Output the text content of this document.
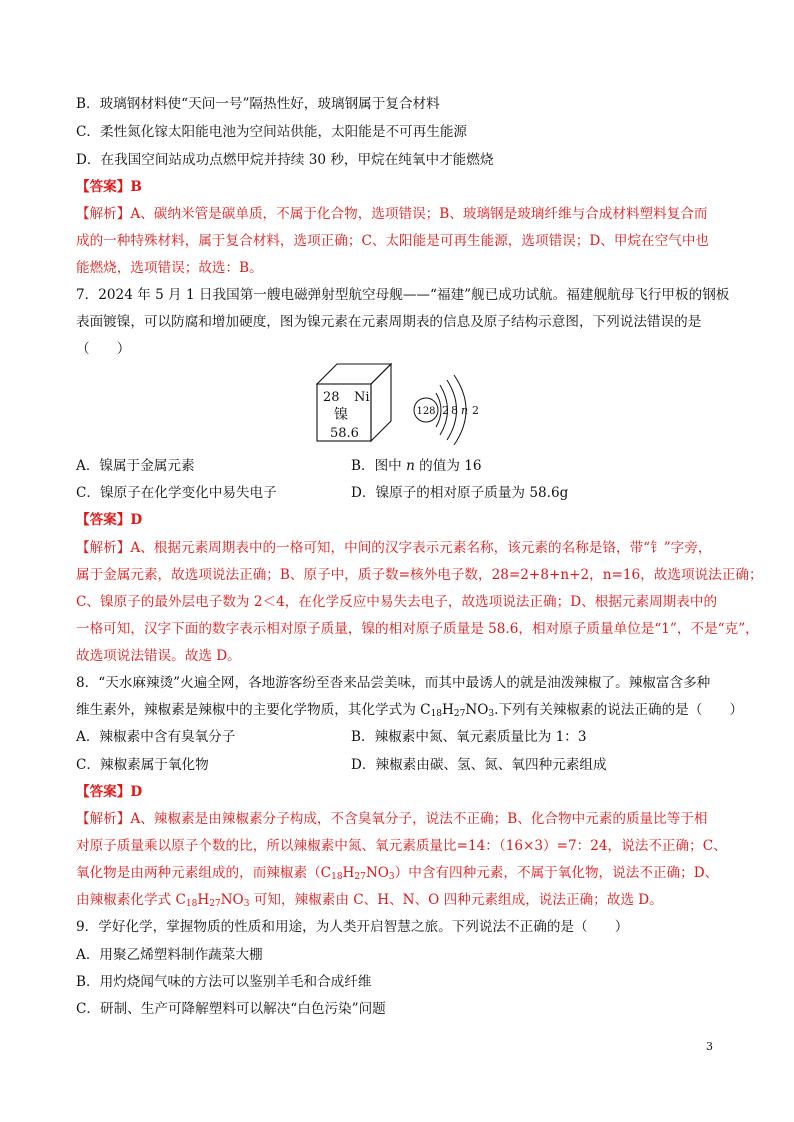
B．玻璃钢材料使“天问一号”隔热性好，玻璃钢属于复合材料
C．柔性氮化镓太阳能电池为空间站供能，太阳能是不可再生能源
D．在我国空间站成功点燃甲烷并持续 30 秒，甲烷在纯氧中才能燃烧
【答案】B
【解析】A、碳纳米管是碳单质，不属于化合物，选项错误；B、玻璃钢是玻璃纤维与合成材料塑料复合而
成的一种特殊材料，属于复合材料，选项正确；C、太阳能是可再生能源，选项错误；D、甲烷在空气中也
能燃烧，选项错误；故选：B。
7．2024 年 5 月 1 日我国第一艘电磁弹射型航空母舰——“福建”舰已成功试航。福建舰航母飞行甲板的钢板
表面镀镍，可以防腐和增加硬度，图为镍元素在元素周期表的信息及原子结构示意图，下列说法错误的是
（　　）
28 Ni
镍
58.6
128 2 8 n 2
A．镍属于金属元素	B．图中 n 的值为 16
C．镍原子在化学变化中易失电子	D．镍原子的相对原子质量为 58.6g
【答案】D
【解析】A、根据元素周期表中的一格可知，中间的汉字表示元素名称，该元素的名称是铬，带“钅”字旁，
属于金属元素，故选项说法正确；B、原子中，质子数=核外电子数，28=2+8+n+2，n=16，故选项说法正确；
C、镍原子的最外层电子数为 2＜4，在化学反应中易失去电子，故选项说法正确；D、根据元素周期表中的
一格可知，汉字下面的数字表示相对原子质量，镍的相对原子质量是 58.6，相对原子质量单位是“1”，不是“克”，
故选项说法错误。故选 D。
8．“天水麻辣烫”火遍全网，各地游客纷至沓来品尝美味，而其中最诱人的就是油泼辣椒了。辣椒富含多种
维生素外，辣椒素是辣椒中的主要化学物质，其化学式为 $C_{18}H_{27}NO_3$.下列有关辣椒素的说法正确的是（　　）
A．辣椒素中含有臭氧分子	B．辣椒素中氮、氧元素质量比为 1：3
C．辣椒素属于氧化物	D．辣椒素由碳、氢、氮、氧四种元素组成
【答案】D
【解析】A、辣椒素是由辣椒素分子构成，不含臭氧分子，说法不正确；B、化合物中元素的质量比等于相
对原子质量乘以原子个数的比，所以辣椒素中氮、氧元素质量比=14：（16×3）=7：24，说法不正确；C、
氧化物是由两种元素组成的，而辣椒素$(C_{18}H_{27}NO_3)$中含有四种元素，不属于氧化物，说法不正确；D、
由辣椒素化学式 $C_{18}H_{27}NO_3$ 可知，辣椒素由 C、H、N、O 四种元素组成，说法正确；故选 D。
9．学好化学，掌握物质的性质和用途，为人类开启智慧之旅。下列说法不正确的是（　　）
A．用聚乙烯塑料制作蔬菜大棚
B．用灼烧闻气味的方法可以鉴别羊毛和合成纤维
C．研制、生产可降解塑料可以解决“白色污染”问题
3
